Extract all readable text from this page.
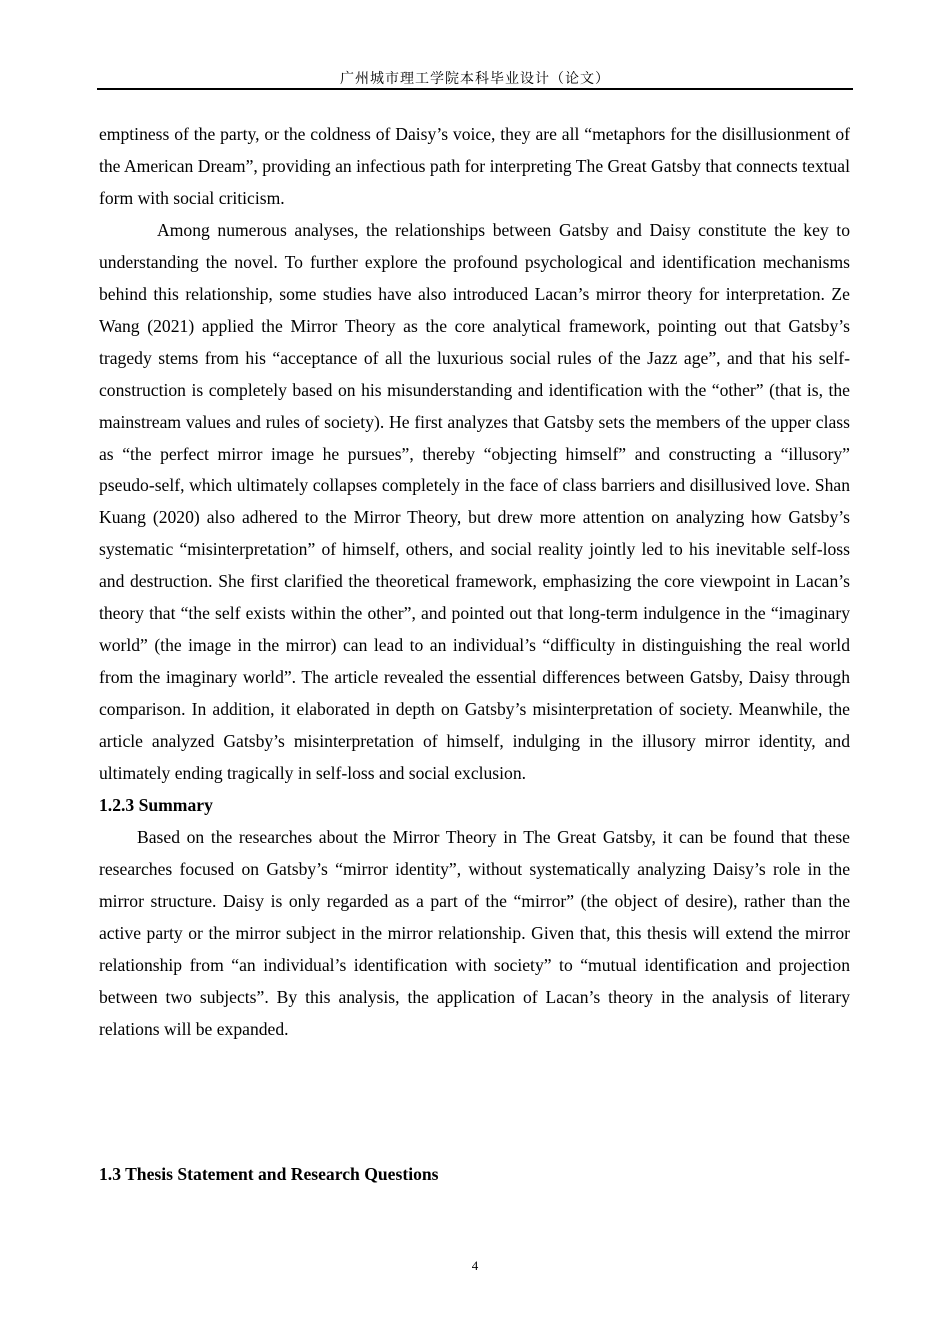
广州城市理工学院本科毕业设计（论文）

emptiness of the party, or the coldness of Daisy’s voice, they are all “metaphors for the disillusionment of the American Dream”, providing an infectious path for interpreting The Great Gatsby that connects textual form with social criticism.

Among numerous analyses, the relationships between Gatsby and Daisy constitute the key to understanding the novel. To further explore the profound psychological and identification mechanisms behind this relationship, some studies have also introduced Lacan’s mirror theory for interpretation. Ze Wang (2021) applied the Mirror Theory as the core analytical framework, pointing out that Gatsby’s tragedy stems from his “acceptance of all the luxurious social rules of the Jazz age”, and that his self-construction is completely based on his misunderstanding and identification with the “other” (that is, the mainstream values and rules of society). He first analyzes that Gatsby sets the members of the upper class as “the perfect mirror image he pursues”, thereby “objecting himself” and constructing a “illusory” pseudo-self, which ultimately collapses completely in the face of class barriers and disillusived love. Shan Kuang (2020) also adhered to the Mirror Theory, but drew more attention on analyzing how Gatsby’s systematic “misinterpretation” of himself, others, and social reality jointly led to his inevitable self-loss and destruction. She first clarified the theoretical framework, emphasizing the core viewpoint in Lacan’s theory that “the self exists within the other”, and pointed out that long-term indulgence in the “imaginary world” (the image in the mirror) can lead to an individual’s “difficulty in distinguishing the real world from the imaginary world”. The article revealed the essential differences between Gatsby, Daisy through comparison. In addition, it elaborated in depth on Gatsby’s misinterpretation of society. Meanwhile, the article analyzed Gatsby’s misinterpretation of himself, indulging in the illusory mirror identity, and ultimately ending tragically in self-loss and social exclusion.

1.2.3 Summary

Based on the researches about the Mirror Theory in The Great Gatsby, it can be found that these researches focused on Gatsby’s “mirror identity”, without systematically analyzing Daisy’s role in the mirror structure. Daisy is only regarded as a part of the “mirror” (the object of desire), rather than the active party or the mirror subject in the mirror relationship. Given that, this thesis will extend the mirror relationship from “an individual’s identification with society” to “mutual identification and projection between two subjects”. By this analysis, the application of Lacan’s theory in the analysis of literary relations will be expanded.

1.3 Thesis Statement and Research Questions

4
